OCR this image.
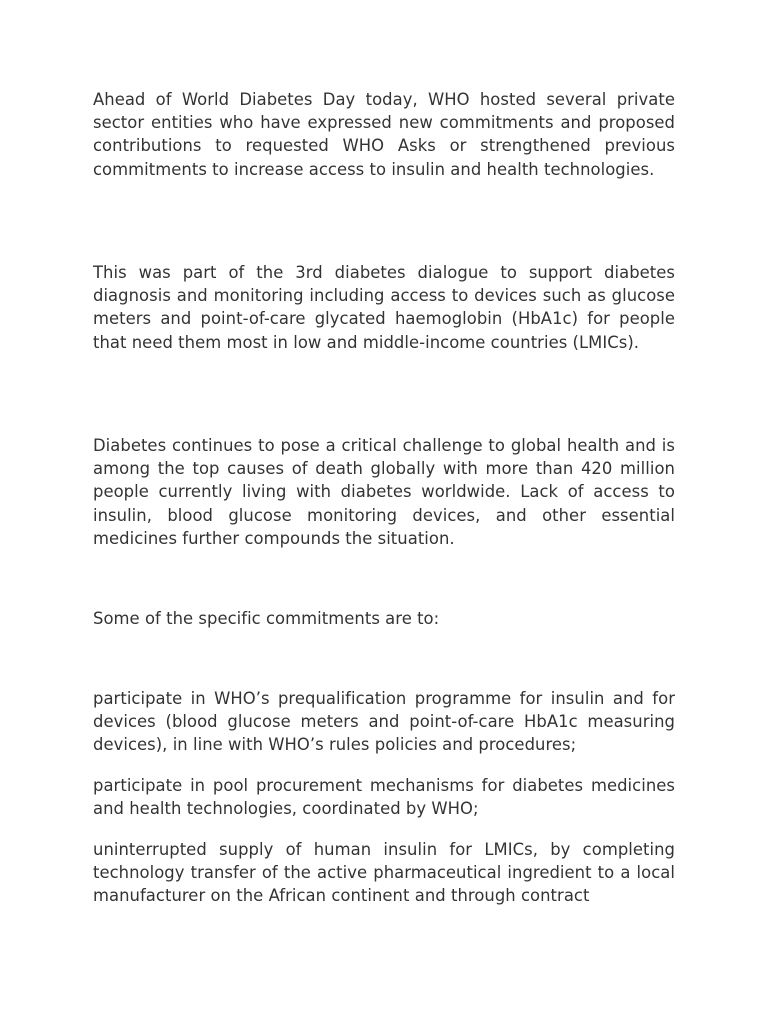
Ahead of World Diabetes Day today, WHO hosted several private sector entities who have expressed new commitments and proposed contributions to requested WHO Asks or strengthened previous commitments to increase access to insulin and health technologies.

This was part of the 3rd diabetes dialogue to support diabetes diagnosis and monitoring including access to devices such as glucose meters and point-of-care glycated haemoglobin (HbA1c) for people that need them most in low and middle-income countries (LMICs).

Diabetes continues to pose a critical challenge to global health and is among the top causes of death globally with more than 420 million people currently living with diabetes worldwide. Lack of access to insulin, blood glucose monitoring devices, and other essential medicines further compounds the situation.

Some of the specific commitments are to:

participate in WHO’s prequalification programme for insulin and for devices (blood glucose meters and point-of-care HbA1c measuring devices), in line with WHO’s rules policies and procedures;

participate in pool procurement mechanisms for diabetes medicines and health technologies, coordinated by WHO;

uninterrupted supply of human insulin for LMICs, by completing technology transfer of the active pharmaceutical ingredient to a local manufacturer on the African continent and through contract
